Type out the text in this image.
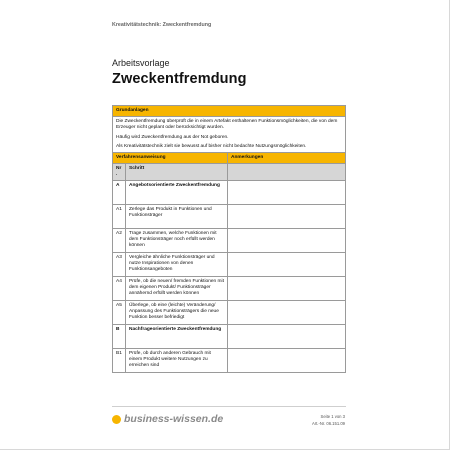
Kreativitätstechnik: Zweckentfremdung
Arbeitsvorlage
Zweckentfremdung
Grundanlagen		

Die Zweckentfremdung überprüft die in einem Artefakt enthaltenen Funktionsmöglichkeiten, die von dem Erzeuger nicht geplant oder berücksichtigt wurden.

Häufig wird Zweckentfremdung aus der Not geboren.

Als Kreativitätstechnik zielt sie bewusst auf bisher nicht bedachte Nutzungsmöglichkeiten.		

Verfahrensanweisung		Anmerkungen
Nr.	Schritt	
A	Angebotsorientierte Zweckentfremdung	
A1	Zerlege das Produkt in Funktionen und Funktionsträger	
A2	Trage zusammen, welche Funktionen mit dem Funktionsträger noch erfüllt werden können	
A3	Vergleiche ähnliche Funktionsträger und nutze Inspirationen von denen Funktionsangeboten	
A4	Prüfe, ob die neuen/ fremden Funktionen mit dem eigenen Produkt/ Funktionsträger annähernd erfüllt werden können	
A5	Überlege, ob eine (leichte) Veränderung/ Anpassung des Funktionsträgers die neue Funktion besser befriedigt	
B	Nachfrageorientierte Zweckentfremdung	
B1	Prüfe, ob durch anderen Gebrauch mit einem Produkt weitere Nutzungen zu erreichen sind	
business-wissen.de	Seite 1 von 3
Art.-Nr. 06.151.09
